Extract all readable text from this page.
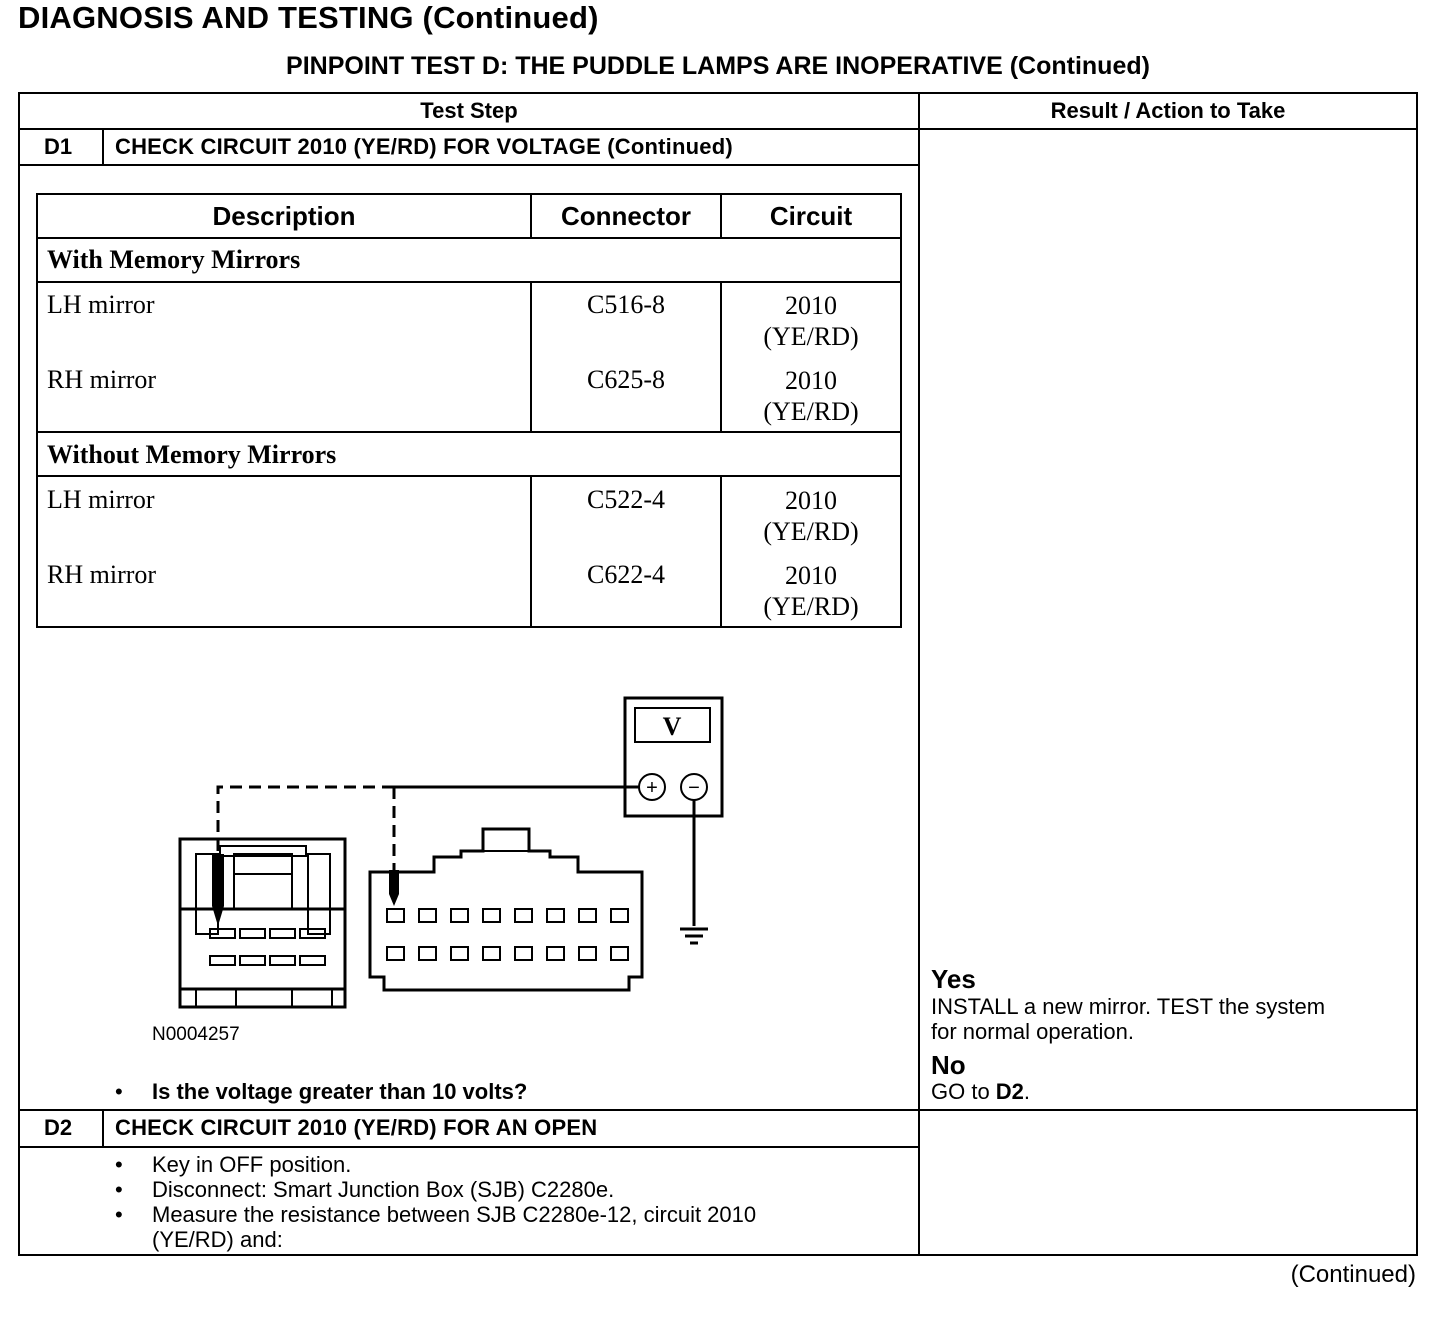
DIAGNOSIS AND TESTING (Continued)
PINPOINT TEST D: THE PUDDLE LAMPS ARE INOPERATIVE (Continued)
Test Step	Result / Action to Take
D1 CHECK CIRCUIT 2010 (YE/RD) FOR VOLTAGE (Continued)
Description	Connector	Circuit
With Memory Mirrors
LH mirror	C516-8	2010
(YE/RD)
RH mirror	C625-8	2010
(YE/RD)
Without Memory Mirrors
LH mirror	C522-4	2010
(YE/RD)
RH mirror	C622-4	2010
(YE/RD)
V
+ −
N0004257
• Is the voltage greater than 10 volts?
Yes
INSTALL a new mirror. TEST the system
for normal operation.
No
GO to D2.
D2 CHECK CIRCUIT 2010 (YE/RD) FOR AN OPEN
• Key in OFF position.
• Disconnect: Smart Junction Box (SJB) C2280e.
• Measure the resistance between SJB C2280e-12, circuit 2010
(YE/RD) and:
(Continued)
